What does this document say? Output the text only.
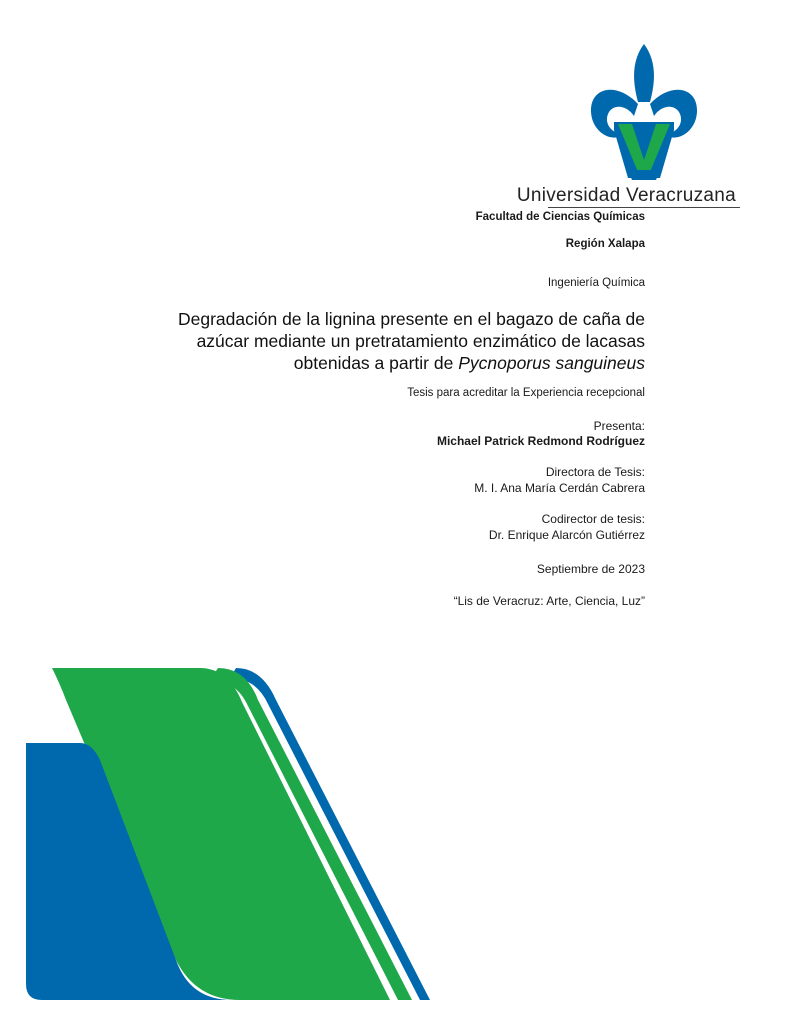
Universidad Veracruzana
Facultad de Ciencias Químicas
Región Xalapa
Ingeniería Química
Degradación de la lignina presente en el bagazo de caña de
azúcar mediante un pretratamiento enzimático de lacasas
obtenidas a partir de Pycnoporus sanguineus
Tesis para acreditar la Experiencia recepcional
Presenta:
Michael Patrick Redmond Rodríguez
Directora de Tesis:
M. I. Ana María Cerdán Cabrera
Codirector de tesis:
Dr. Enrique Alarcón Gutiérrez
Septiembre de 2023
“Lis de Veracruz: Arte, Ciencia, Luz”
